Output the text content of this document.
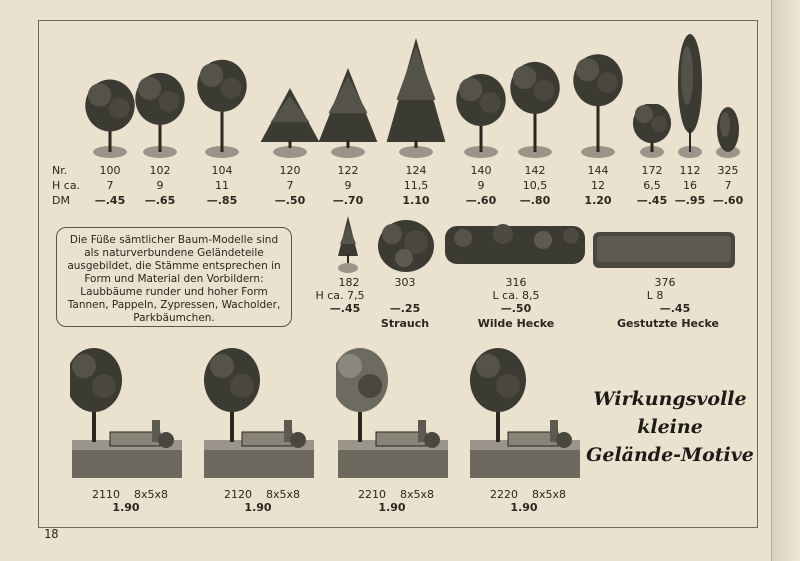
Nr.
H ca.
DM
100
7
—.45
102
9
—.65
104
11
—.85
120
7
—.50
122
9
—.70
124
11,5
1.10
140
9
—.60
142
10,5
—.80
144
12
1.20
172
6,5
—.45
112
16
—.95
325
7
—.60
Die Füße sämtlicher Baum-Modelle sind als naturverbundene Geländeteile ausgebildet, die Stämme entsprechen in Form und Material den Vorbildern: Laubbäume runder und hoher Form Tannen, Pappeln, Zypressen, Wacholder, Parkbäumchen.
182
H ca. 7,5
—.45
303
—.25
Strauch
316
L ca. 8,5
—.50
Wilde Hecke
376
L 8
—.45
Gestutzte Hecke
2110 8x5x8
1.90
2120 8x5x8
1.90
2210 8x5x8
1.90
2220 8x5x8
1.90
Wirkungsvolle
kleine
Gelände-Motive
18
